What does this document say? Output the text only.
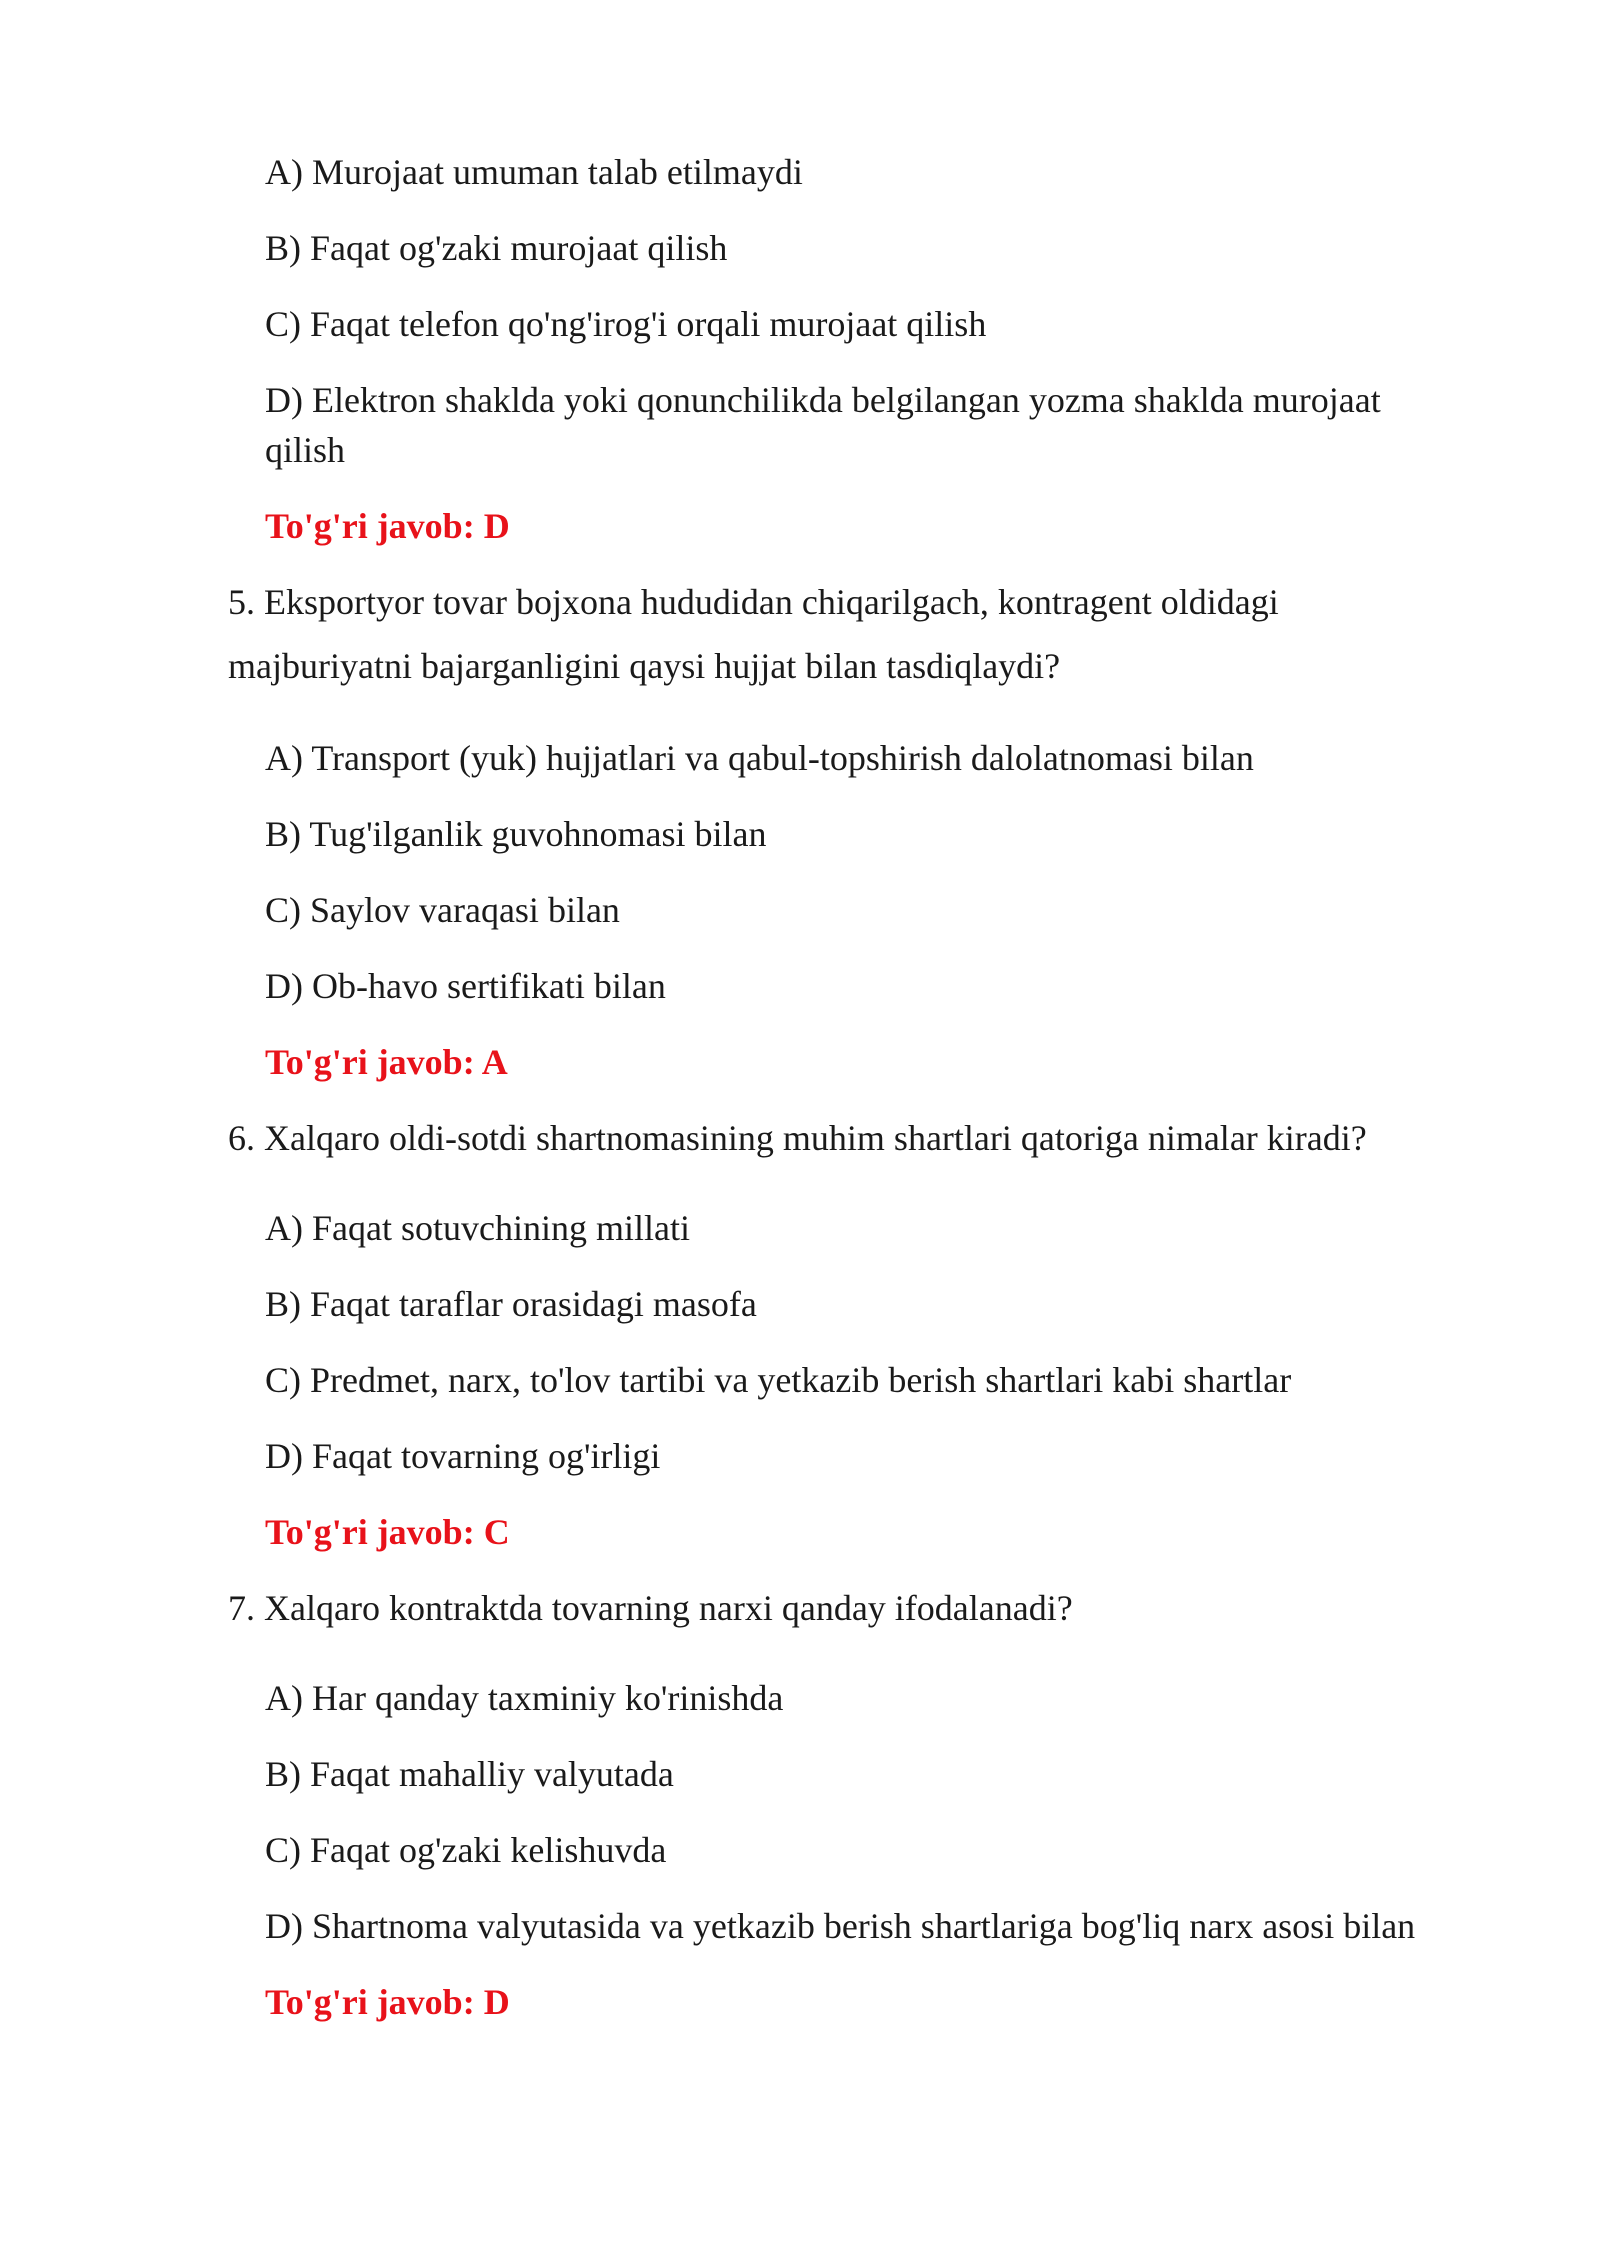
A) Murojaat umuman talab etilmaydi
B) Faqat og'zaki murojaat qilish
C) Faqat telefon qo'ng'irog'i orqali murojaat qilish
D) Elektron shaklda yoki qonunchilikda belgilangan yozma shaklda murojaat
qilish
To'g'ri javob: D
5. Eksportyor tovar bojxona hududidan chiqarilgach, kontragent oldidagi
majburiyatni bajarganligini qaysi hujjat bilan tasdiqlaydi?
A) Transport (yuk) hujjatlari va qabul-topshirish dalolatnomasi bilan
B) Tug'ilganlik guvohnomasi bilan
C) Saylov varaqasi bilan
D) Ob-havo sertifikati bilan
To'g'ri javob: A
6. Xalqaro oldi-sotdi shartnomasining muhim shartlari qatoriga nimalar kiradi?
A) Faqat sotuvchining millati
B) Faqat taraflar orasidagi masofa
C) Predmet, narx, to'lov tartibi va yetkazib berish shartlari kabi shartlar
D) Faqat tovarning og'irligi
To'g'ri javob: C
7. Xalqaro kontraktda tovarning narxi qanday ifodalanadi?
A) Har qanday taxminiy ko'rinishda
B) Faqat mahalliy valyutada
C) Faqat og'zaki kelishuvda
D) Shartnoma valyutasida va yetkazib berish shartlariga bog'liq narx asosi bilan
To'g'ri javob: D
